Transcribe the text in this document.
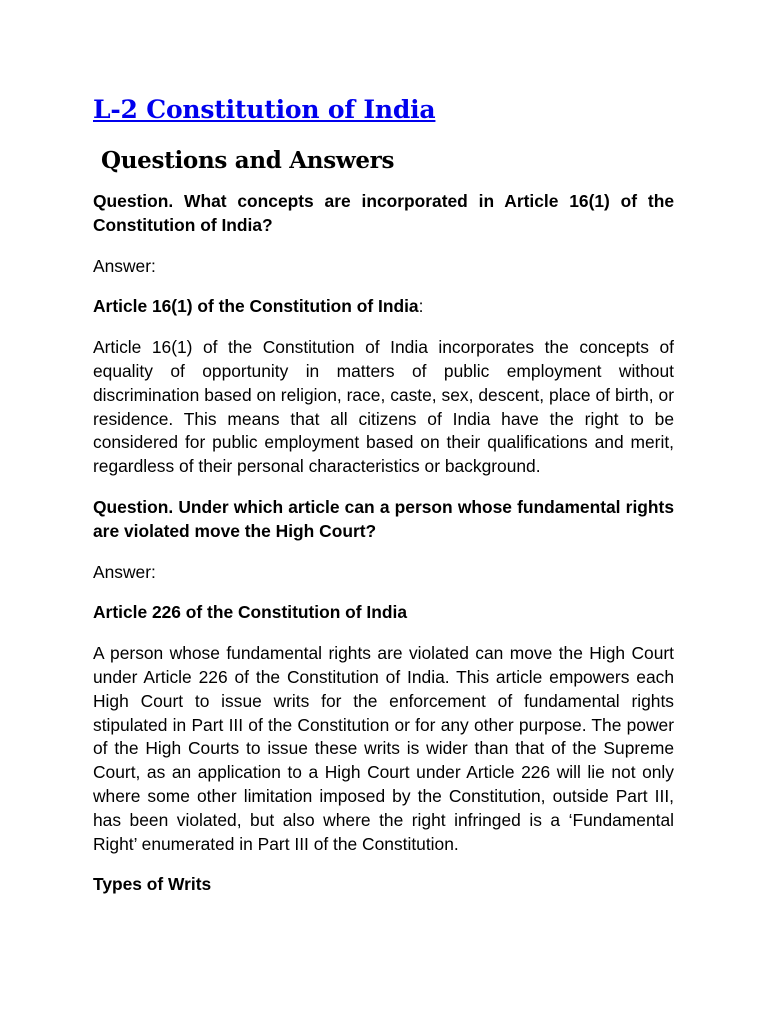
L-2 Constitution of India
Questions and Answers

Question. What concepts are incorporated in Article 16(1) of the Constitution of India?

Answer:

Article 16(1) of the Constitution of India:

Article 16(1) of the Constitution of India incorporates the concepts of equality of opportunity in matters of public employment without discrimination based on religion, race, caste, sex, descent, place of birth, or residence. This means that all citizens of India have the right to be considered for public employment based on their qualifications and merit, regardless of their personal characteristics or background.

Question. Under which article can a person whose fundamental rights are violated move the High Court?

Answer:

Article 226 of the Constitution of India

A person whose fundamental rights are violated can move the High Court under Article 226 of the Constitution of India. This article empowers each High Court to issue writs for the enforcement of fundamental rights stipulated in Part III of the Constitution or for any other purpose. The power of the High Courts to issue these writs is wider than that of the Supreme Court, as an application to a High Court under Article 226 will lie not only where some other limitation imposed by the Constitution, outside Part III, has been violated, but also where the right infringed is a ‘Fundamental Right’ enumerated in Part III of the Constitution.

Types of Writs
